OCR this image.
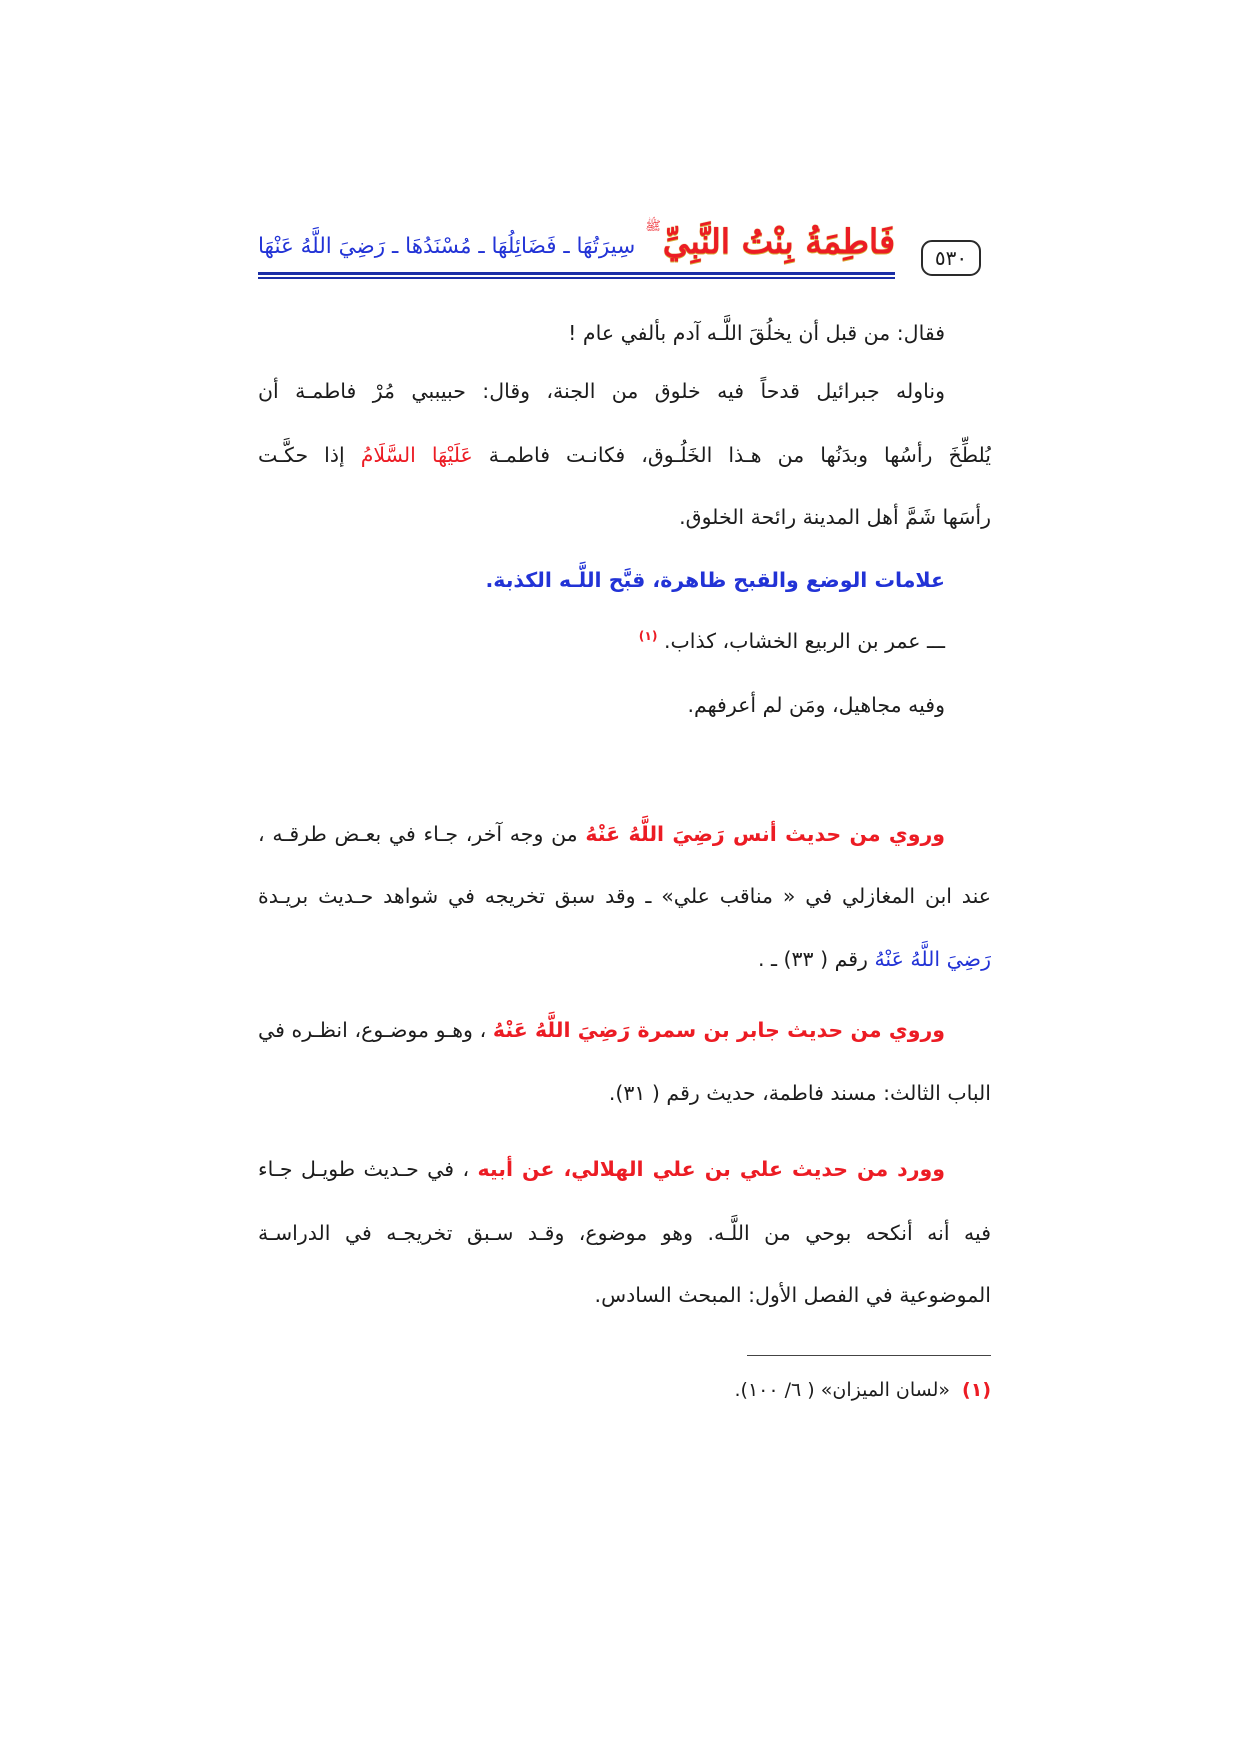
فَاطِمَةُ بِنْتُ النَّبِيِّ
ﷺ
سِيرَتُهَا ـ فَضَائِلُهَا ـ مُسْنَدُهَا ـ رَضِيَ اللَّهُ عَنْهَا	٥٣٠
فقال: من قبل أن يخلُقَ اللَّـه آدم بألفي عام !
وناوله جبرائيل قدحاً فيه خلوق من الجنة، وقال: حبيببي مُرْ فاطمـة أن
يُلطِّخَ رأسُها وبدَنُها من هـذا الخَلُـوق، فكانـت فاطمـة عَلَيْهَا السَّلَامُ إذا حكَّـت
رأسَها شَمَّ أهل المدينة رائحة الخلوق.
علامات الوضع والقبح ظاهرة، قبَّح اللَّـه الكذبة.
ـــ عمر بن الربيع الخشاب، كذاب. $^{(١)}$
وفيه مجاهيل، ومَن لم أعرفهم.
وروي من حديث أنس رَضِيَ اللَّهُ عَنْهُ من وجه آخر، جـاء في بعـض طرقـه ،
عند ابن المغازلي في « مناقب علي» ـ وقد سبق تخريجه في شواهد حـديث بريـدة
رَضِيَ اللَّهُ عَنْهُ رقم ( ٣٣) ـ .
وروي من حديث جابر بن سمرة رَضِيَ اللَّهُ عَنْهُ ، وهـو موضـوع، انظـره في
الباب الثالث: مسند فاطمة، حديث رقم ( ٣١).
وورد من حديث علي بن علي الهلالي، عن أبيه ، في حـديث طويـل جـاء
فيه أنه أنكحه بوحي من اللَّـه. وهو موضوع، وقـد سـبق تخريجـه في الدراسـة
الموضوعية في الفصل الأول: المبحث السادس.
(١)«لسان الميزان» ( ٦/ ١٠٠).
